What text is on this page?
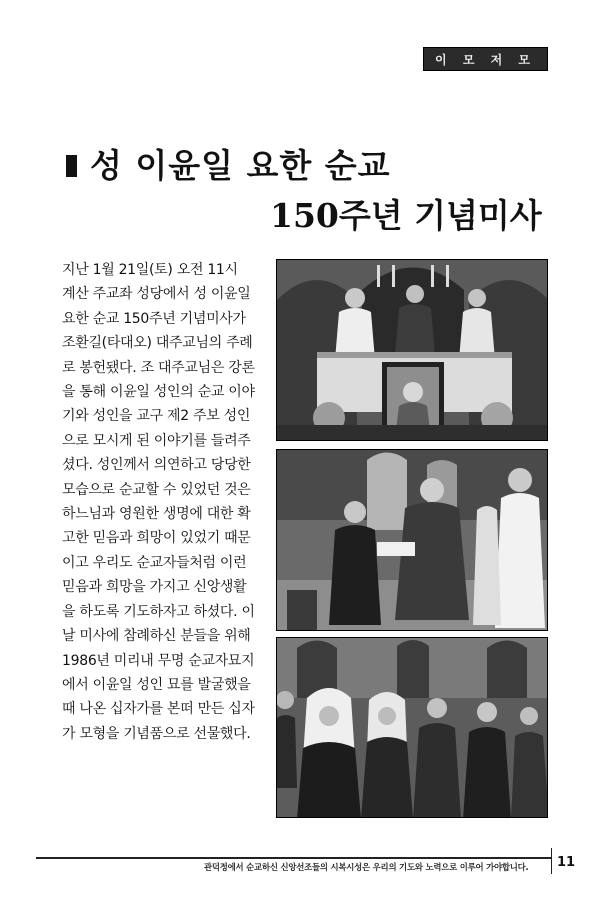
이 모 저 모
성 이윤일 요한 순교
150주년 기념미사
지난 1월 21일(토) 오전 11시
계산 주교좌 성당에서 성 이윤일
요한 순교 150주년 기념미사가
조환길(타대오) 대주교님의 주례
로 봉헌됐다. 조 대주교님은 강론
을 통해 이윤일 성인의 순교 이야
기와 성인을 교구 제2 주보 성인
으로 모시게 된 이야기를 들려주
셨다. 성인께서 의연하고 당당한
모습으로 순교할 수 있었던 것은
하느님과 영원한 생명에 대한 확
고한 믿음과 희망이 있었기 때문
이고 우리도 순교자들처럼 이런
믿음과 희망을 가지고 신앙생활
을 하도록 기도하자고 하셨다. 이
날 미사에 참례하신 분들을 위해
1986년 미리내 무명 순교자묘지
에서 이윤일 성인 묘를 발굴했을
때 나온 십자가를 본떠 만든 십자
가 모형을 기념품으로 선물했다.
관덕정에서 순교하신 신앙선조들의 시복시성은 우리의 기도와 노력으로 이루어 가야합니다. 11
